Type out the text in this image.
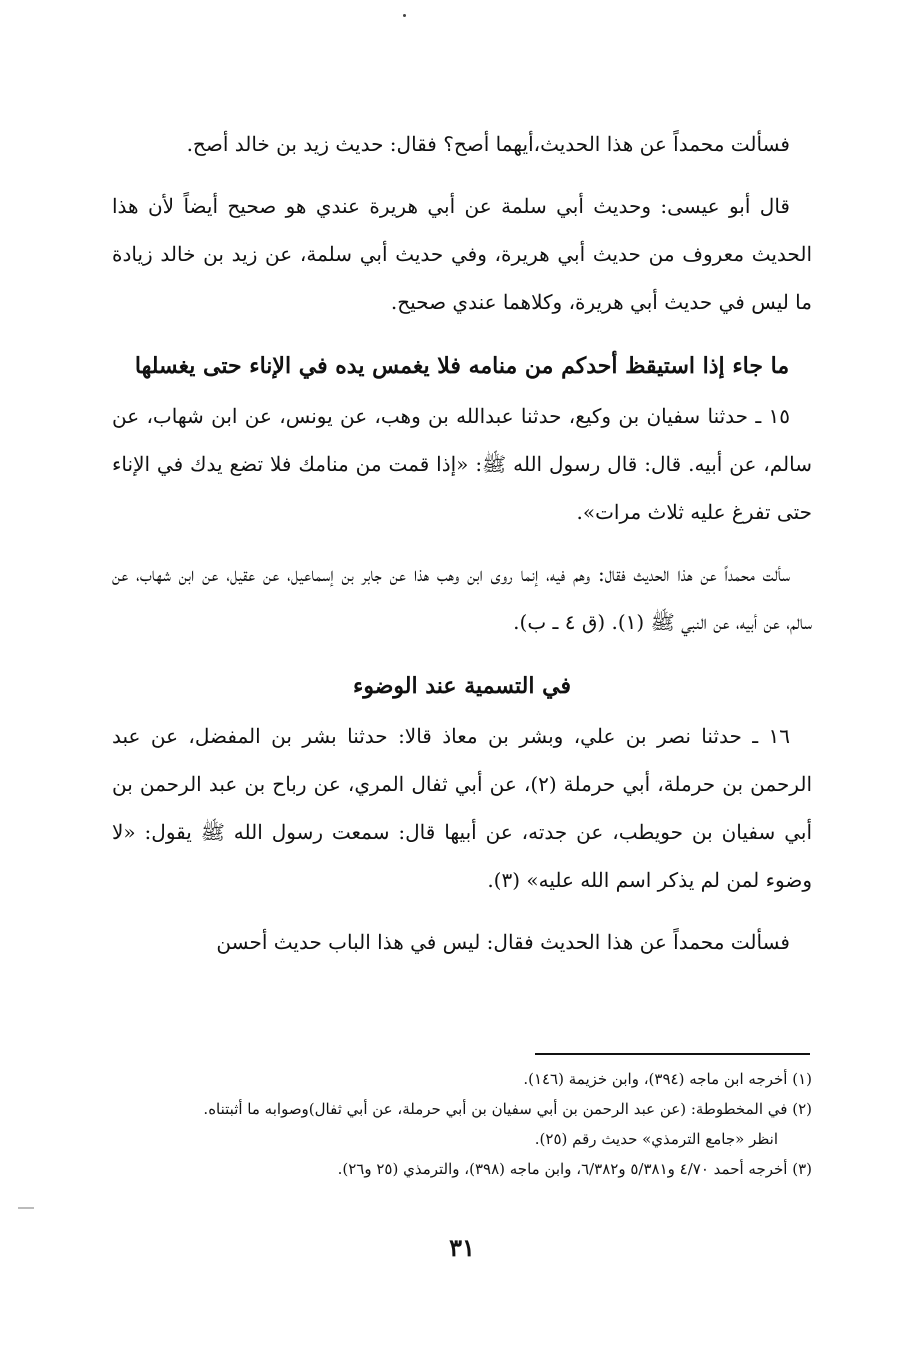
فسألت محمداً عن هذا الحديث،أيهما أصح؟ فقال: حديث زيد بن خالد أصح.

قال أبو عيسى: وحديث أبي سلمة عن أبي هريرة عندي هو صحيح أيضاً لأن هذا الحديث معروف من حديث أبي هريرة، وفي حديث أبي سلمة، عن زيد بن خالد زيادة ما ليس في حديث أبي هريرة، وكلاهما عندي صحيح.

ما جاء إذا استيقظ أحدكم من منامه فلا يغمس يده في الإناء حتى يغسلها

١٥ ـ حدثنا سفيان بن وكيع، حدثنا عبدالله بن وهب، عن يونس، عن ابن شهاب، عن سالم، عن أبيه. قال: قال رسول الله ﷺ: «إذا قمت من منامك فلا تضع يدك في الإناء حتى تفرغ عليه ثلاث مرات».

سألت محمداً عن هذا الحديث فقال: وهم فيه، إنما روى ابن وهب هذا عن جابر بن إسماعيل، عن عقيل، عن ابن شهاب، عن سالم، عن أبيه، عن النبي ﷺ (١). (ق ٤ ـ ب).

في التسمية عند الوضوء

١٦ ـ حدثنا نصر بن علي، وبشر بن معاذ قالا: حدثنا بشر بن المفضل، عن عبد الرحمن بن حرملة، أبي حرملة (٢)، عن أبي ثفال المري، عن رباح بن عبد الرحمن بن أبي سفيان بن حويطب، عن جدته، عن أبيها قال: سمعت رسول الله ﷺ يقول: «لا وضوء لمن لم يذكر اسم الله عليه» (٣).

فسألت محمداً عن هذا الحديث فقال: ليس في هذا الباب حديث أحسن

(١) أخرجه ابن ماجه (٣٩٤)، وابن خزيمة (١٤٦).

(٢) في المخطوطة: (عن عبد الرحمن بن أبي سفيان بن أبي حرملة، عن أبي ثفال)وصوابه ما أثبتناه.

انظر «جامع الترمذي» حديث رقم (٢٥).

(٣) أخرجه أحمد ٤/٧٠ و٥/٣٨١ و٦/٣٨٢، وابن ماجه (٣٩٨)، والترمذي (٢٥ و٢٦).

٣١
